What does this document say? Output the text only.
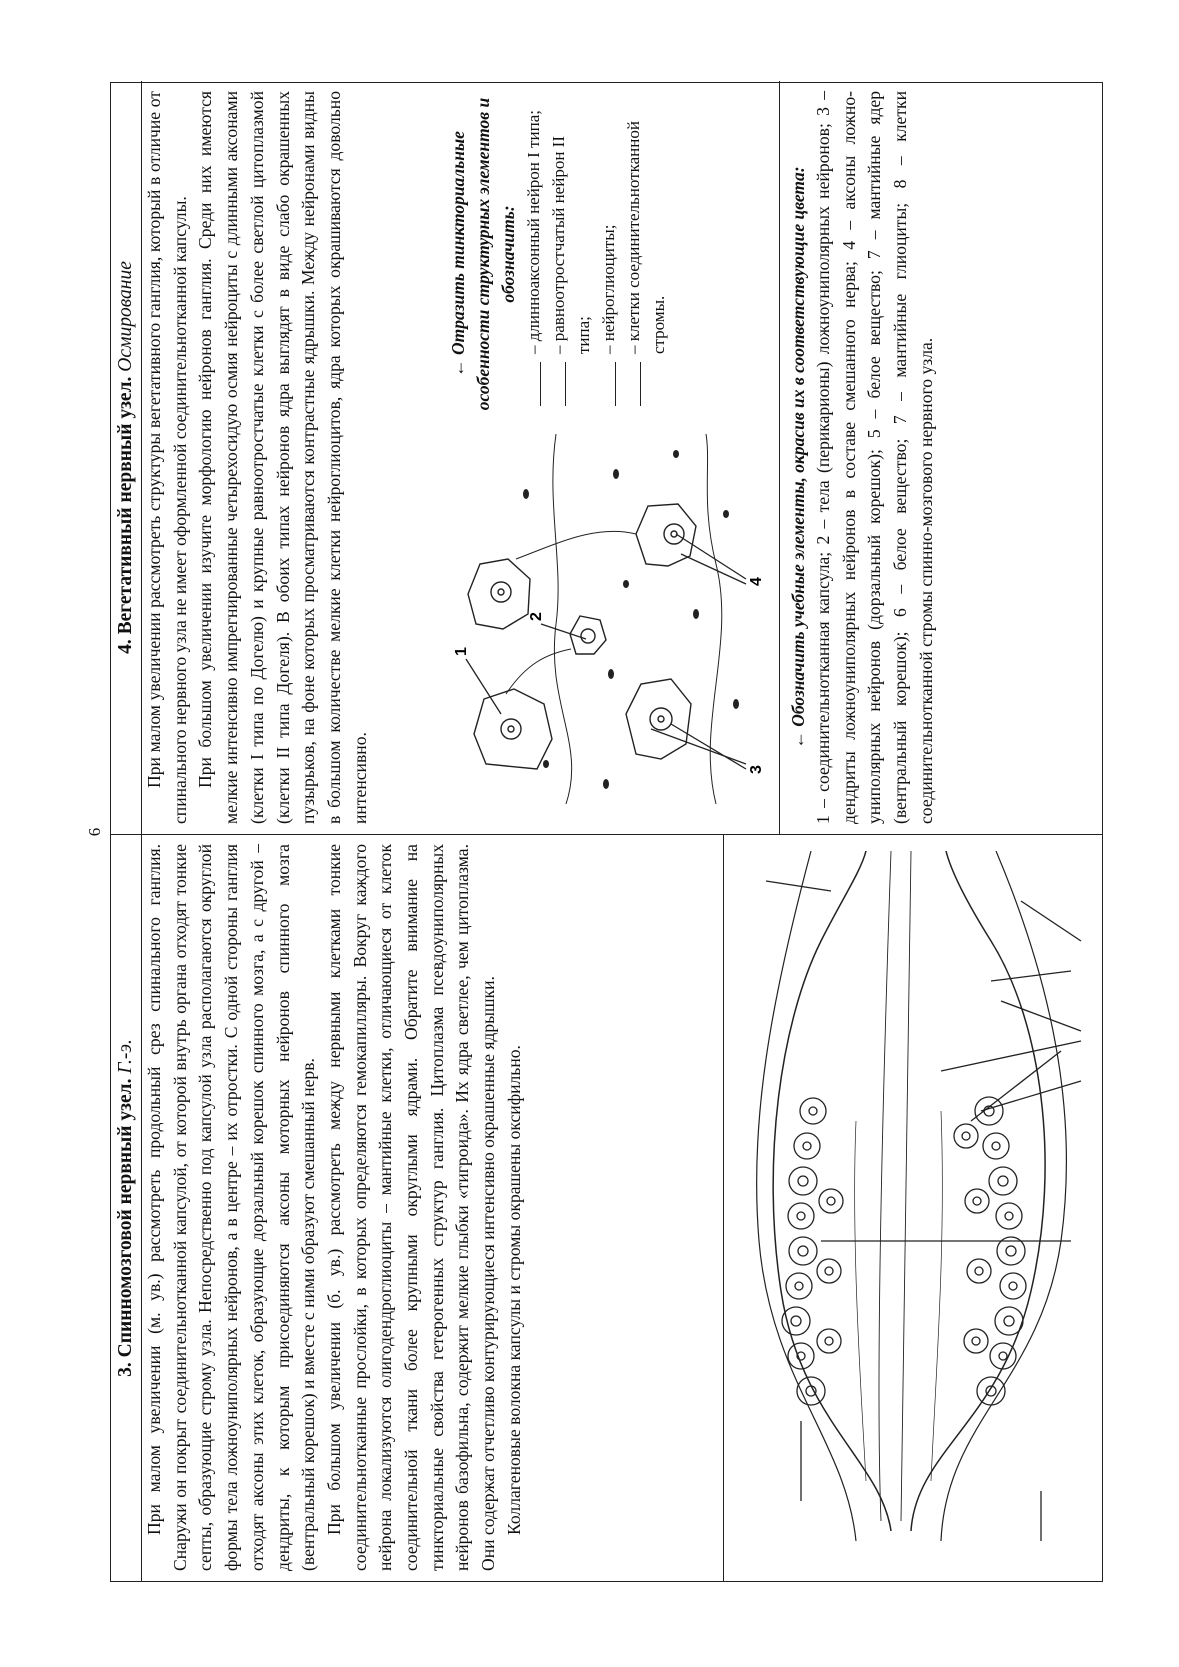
6
3. Спинномозговой нервный узел. Г.-э. При малом увеличении (м. ув.) рассмотреть продольный срез спинального ганглия. Снаружи он покрыт соединительнотканной капсулой, от которой внутрь органа отходят тонкие септы, образующие строму узла. Непосредственно под капсулой узла располагаются округлой формы тела ложноуниполярных нейронов, а в центре – их отростки. С одной стороны ганглия отходят аксоны этих клеток, образующие дорзальный корешок спинного мозга, а с другой – дендриты, к которым присоединяются аксоны моторных нейронов спинного мозга (вентральный корешок) и вместе с ними образуют смешанный нерв. При большом увеличении (б. ув.) рассмотреть между нервными клетками тонкие соединительнотканные прослойки, в которых определяются гемокапилляры. Вокруг каждого нейрона локализуются олигодендроглиоциты – мантийные клетки, отличающиеся от клеток соединительной ткани более крупными округлыми ядрами. Обратите внимание на тинкториальные свойства гетерогенных структур ганглия. Цитоплазма псевдоуниполярных нейронов базофильна, содержит мелкие глыбки «тигроида». Их ядра светлее, чем цитоплазма. Они содержат отчетливо контурирующиеся интенсивно окрашенные ядрышки. Коллагеновые волокна капсулы и стромы окрашены оксифильно.

4. Вегетативный нервный узел. Осмирование При малом увеличении рассмотреть структуры вегетативного ганглия, который в отличие от спинального нервного узла не имеет оформленной соединительнотканной капсулы. При большом увеличении изучите морфологию нейронов ганглия. Среди них имеются мелкие интенсивно импрегнированные четырехосидую осмия нейроциты с длинными аксонами (клетки I типа по Догелю) и крупные равноотростчатые клетки с более светлой цитоплазмой (клетки II типа Догеля). В обоих типах нейронов ядра выглядят в виде слабо окрашенных пузырьков, на фоне которых просматриваются контрастные ядрышки. Между нейронами видны в большом количестве мелкие клетки нейроглиоцитов, ядра которых окрашиваются довольно интенсивно.

1
2
3
4

← Отразить тинкториальные особенности структурных элементов и обозначить: – длинноаксонный нейрон I типа; – равноотростчатый нейрон II типа; – нейроглиоциты; – клетки соединительнотканной стромы.	← Обозначить учебные элементы, окрасив их в соответствующие цвета: 1 – соединительнотканная капсула; 2 – тела (перикарионы) ложноуниполярных нейронов; 3 – дендриты ложноуниполярных нейронов в составе смешанного нерва; 4 – аксоны ложно-униполярных нейронов (дорзальный корешок); 5 – белое вещество; 7 – мантийные ядер (вентральный корешок); 6 – белое вещество; 7 – мантийные глиоциты; 8 – клетки соединительнотканной стромы спинно-мозгового нервного узла.
